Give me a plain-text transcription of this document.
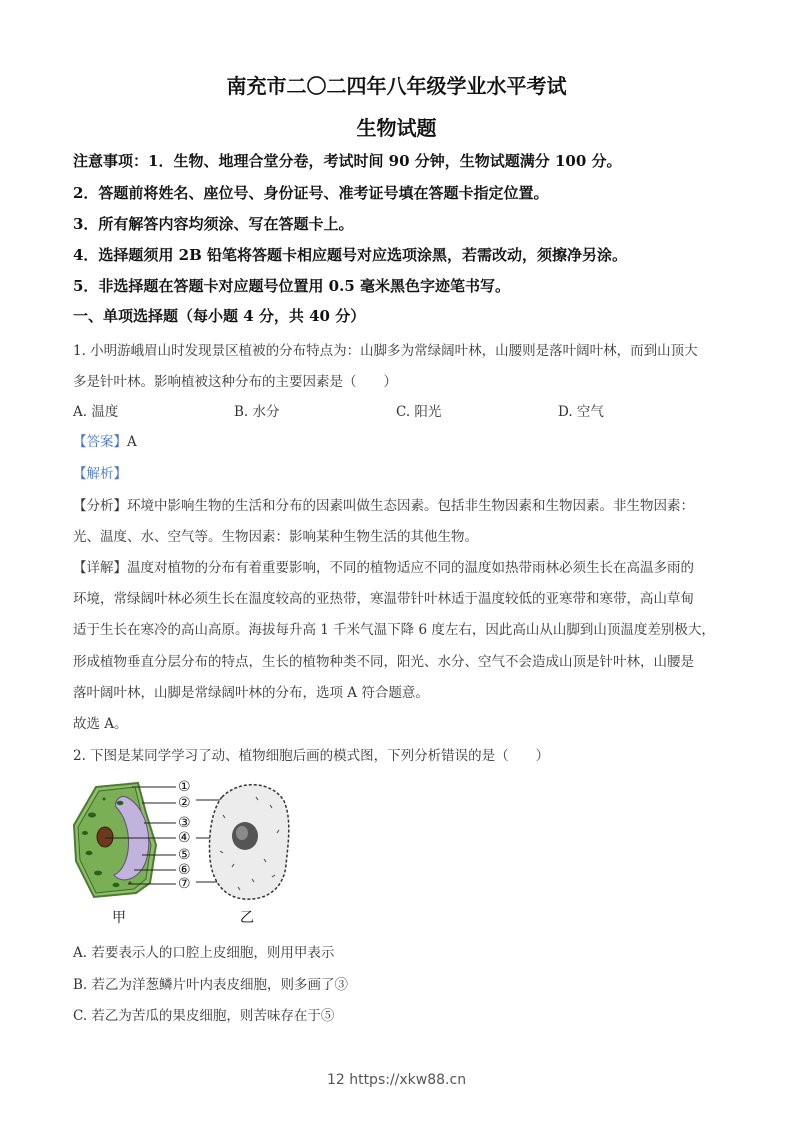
南充市二〇二四年八年级学业水平考试
生物试题
注意事项：1．生物、地理合堂分卷，考试时间 90 分钟，生物试题满分 100 分。
2．答题前将姓名、座位号、身份证号、准考证号填在答题卡指定位置。
3．所有解答内容均须涂、写在答题卡上。
4．选择题须用 2B 铅笔将答题卡相应题号对应选项涂黑，若需改动，须擦净另涂。
5．非选择题在答题卡对应题号位置用 0.5 毫米黑色字迹笔书写。
一、单项选择题（每小题 4 分，共 40 分）
1. 小明游峨眉山时发现景区植被的分布特点为：山脚多为常绿阔叶林，山腰则是落叶阔叶林，而到山顶大
多是针叶林。影响植被这种分布的主要因素是（　　）
A. 温度	B. 水分	C. 阳光	D. 空气
【答案】A
【解析】
【分析】环境中影响生物的生活和分布的因素叫做生态因素。包括非生物因素和生物因素。非生物因素：
光、温度、水、空气等。生物因素：影响某种生物生活的其他生物。
【详解】温度对植物的分布有着重要影响，不同的植物适应不同的温度如热带雨林必须生长在高温多雨的
环境，常绿阔叶林必须生长在温度较高的亚热带，寒温带针叶林适于温度较低的亚寒带和寒带，高山草甸
适于生长在寒冷的高山高原。海拔每升高 1 千米气温下降 6 度左右，因此高山从山脚到山顶温度差别极大，
形成植物垂直分层分布的特点，生长的植物种类不同，阳光、水分、空气不会造成山顶是针叶林，山腰是
落叶阔叶林，山脚是常绿阔叶林的分布，选项 A 符合题意。
故选 A。
2. 下图是某同学学习了动、植物细胞后画的模式图，下列分析错误的是（　　）
①
②
③
④
⑤
⑥
⑦
甲	乙
A. 若要表示人的口腔上皮细胞，则用甲表示
B. 若乙为洋葱鳞片叶内表皮细胞，则多画了③
C. 若乙为苦瓜的果皮细胞，则苦味存在于⑤
12 https://xkw88.cn
